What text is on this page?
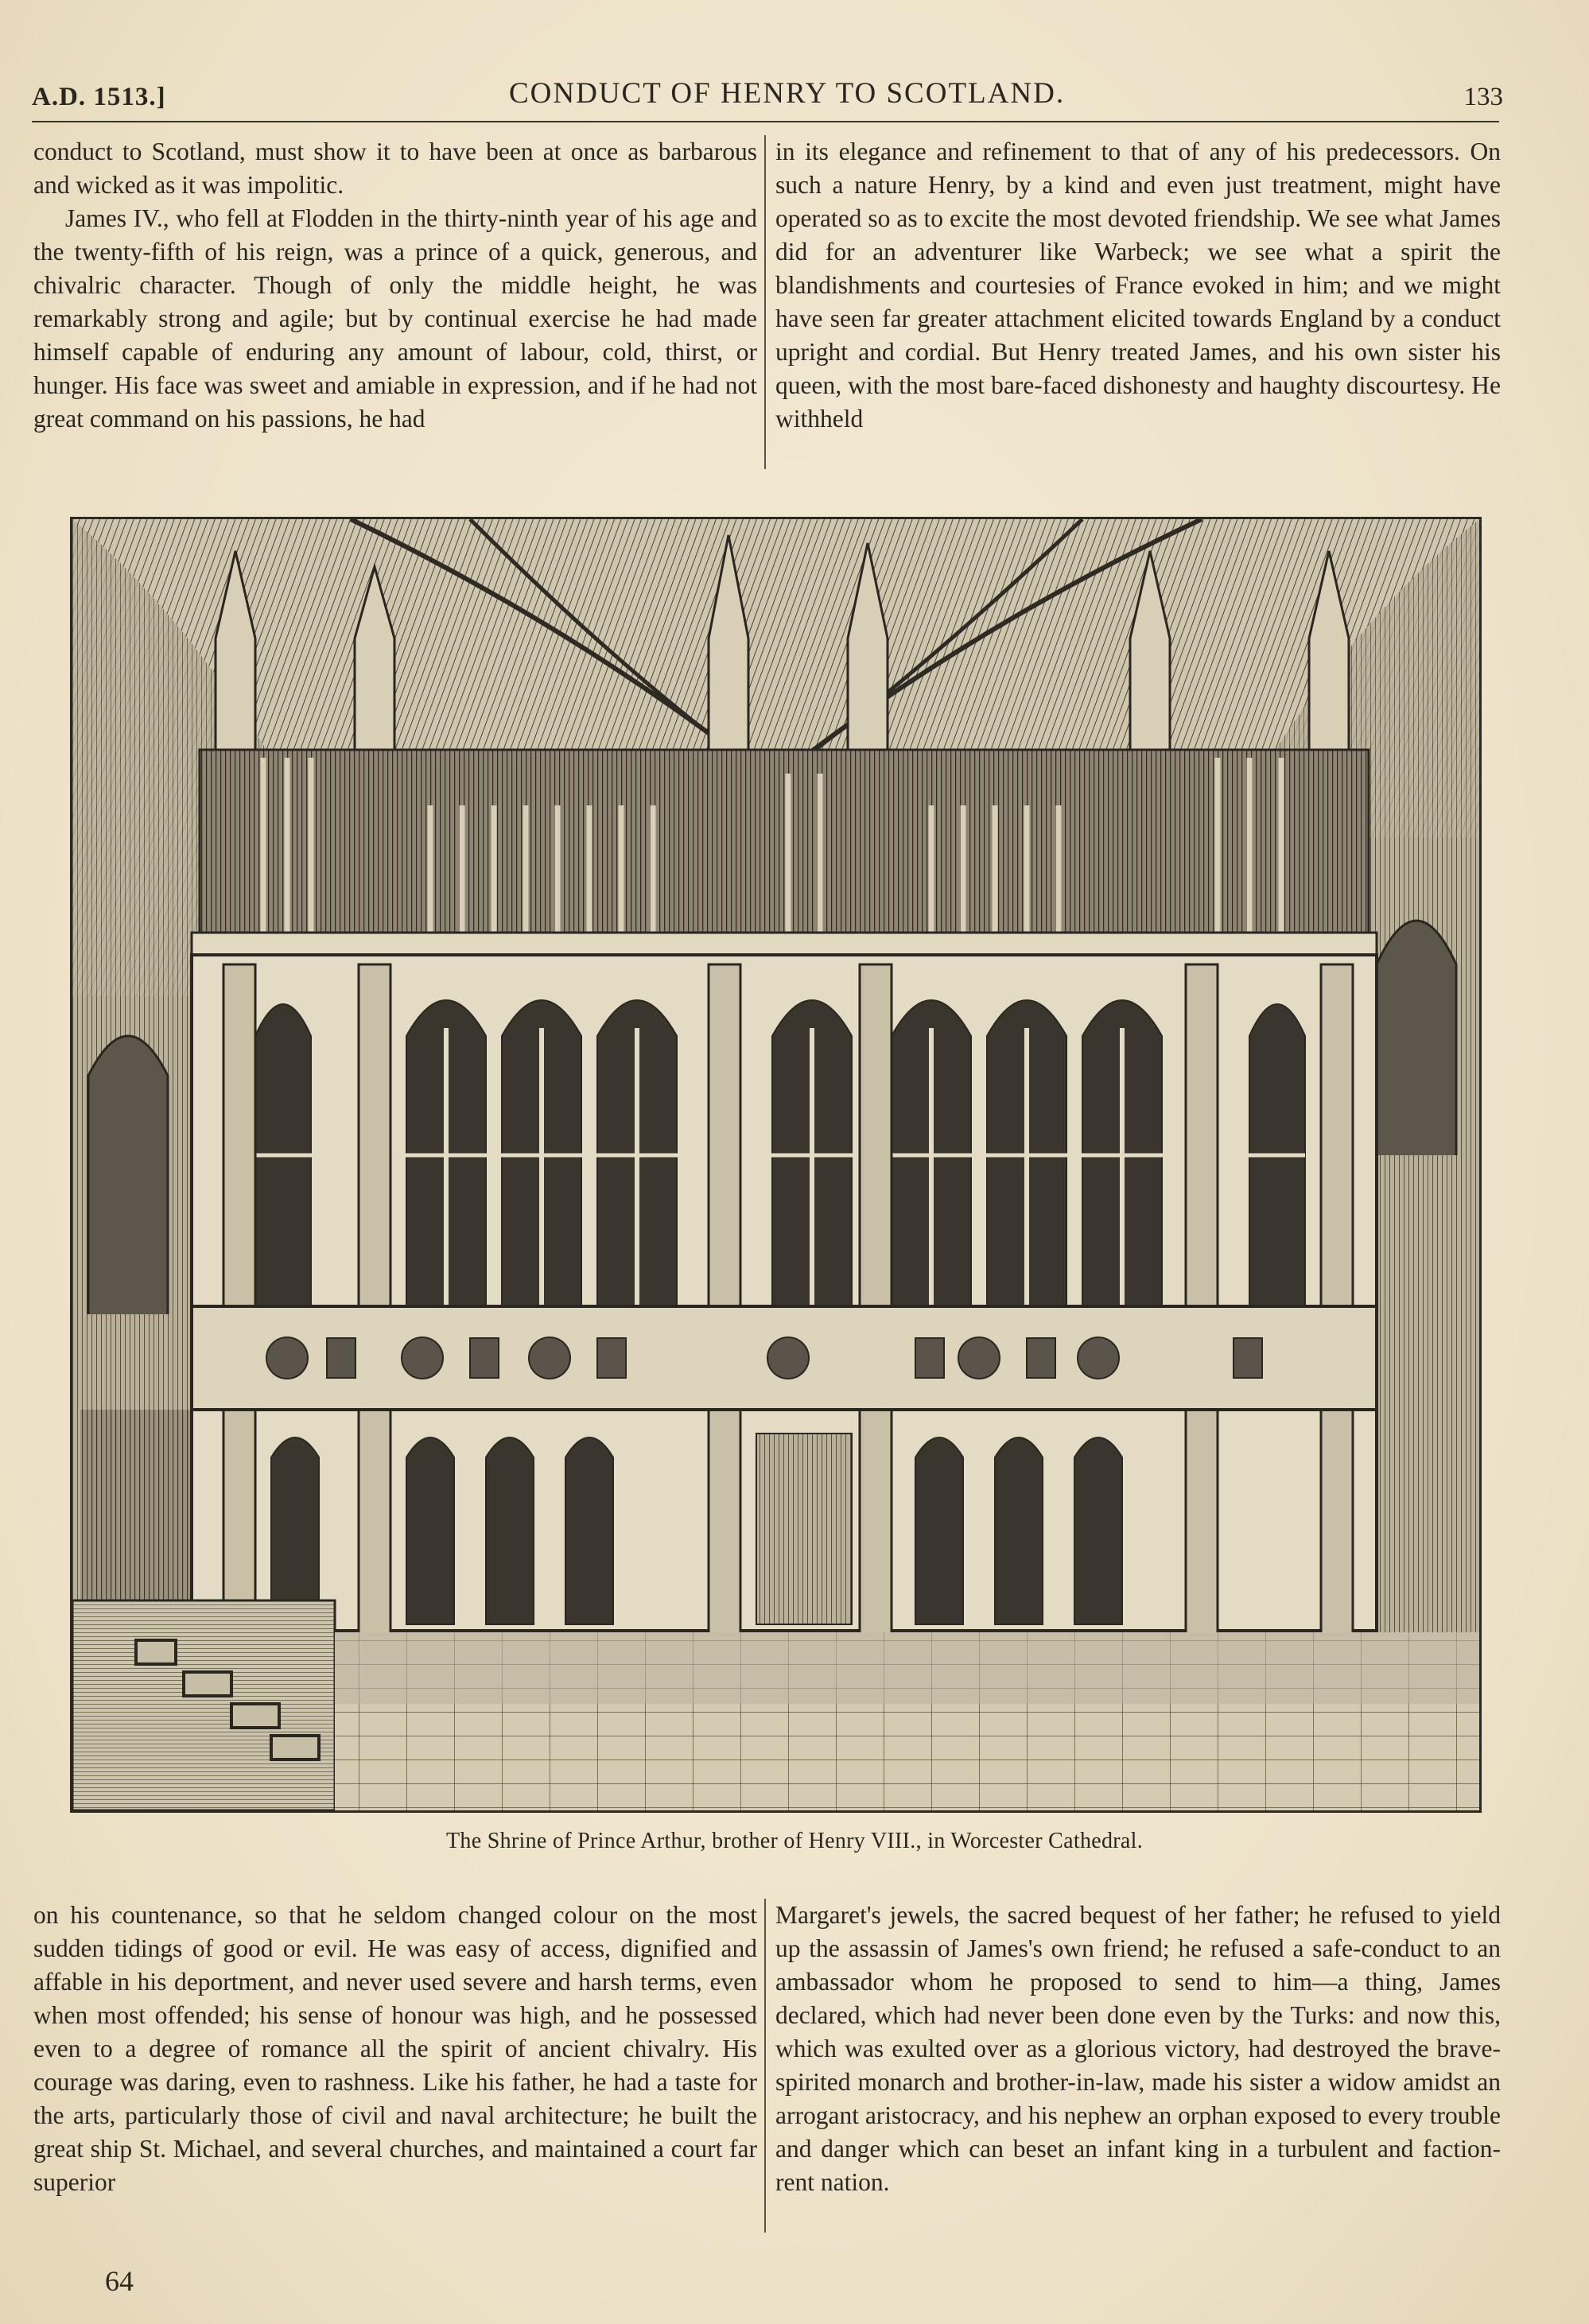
A.D. 1513.]	CONDUCT OF HENRY TO SCOTLAND.	133

conduct to Scotland, must show it to have been at once as barbarous and wicked as it was impolitic.

James IV., who fell at Flodden in the thirty-ninth year of his age and the twenty-fifth of his reign, was a prince of a quick, generous, and chivalric character. Though of only the middle height, he was remarkably strong and agile; but by continual exercise he had made himself capable of enduring any amount of labour, cold, thirst, or hunger. His face was sweet and amiable in expression, and if he had not great command on his passions, he had

in its elegance and refinement to that of any of his predecessors. On such a nature Henry, by a kind and even just treatment, might have operated so as to excite the most devoted friendship. We see what James did for an adventurer like Warbeck; we see what a spirit the blandishments and courtesies of France evoked in him; and we might have seen far greater attachment elicited towards England by a conduct upright and cordial. But Henry treated James, and his own sister his queen, with the most bare-faced dishonesty and haughty discourtesy. He withheld

The Shrine of Prince Arthur, brother of Henry VIII., in Worcester Cathedral.

on his countenance, so that he seldom changed colour on the most sudden tidings of good or evil. He was easy of access, dignified and affable in his deportment, and never used severe and harsh terms, even when most offended; his sense of honour was high, and he possessed even to a degree of romance all the spirit of ancient chivalry. His courage was daring, even to rashness. Like his father, he had a taste for the arts, particularly those of civil and naval architecture; he built the great ship St. Michael, and several churches, and maintained a court far superior

Margaret's jewels, the sacred bequest of her father; he refused to yield up the assassin of James's own friend; he refused a safe-conduct to an ambassador whom he proposed to send to him—a thing, James declared, which had never been done even by the Turks: and now this, which was exulted over as a glorious victory, had destroyed the brave-spirited monarch and brother-in-law, made his sister a widow amidst an arrogant aristocracy, and his nephew an orphan exposed to every trouble and danger which can beset an infant king in a turbulent and faction-rent nation.

64
